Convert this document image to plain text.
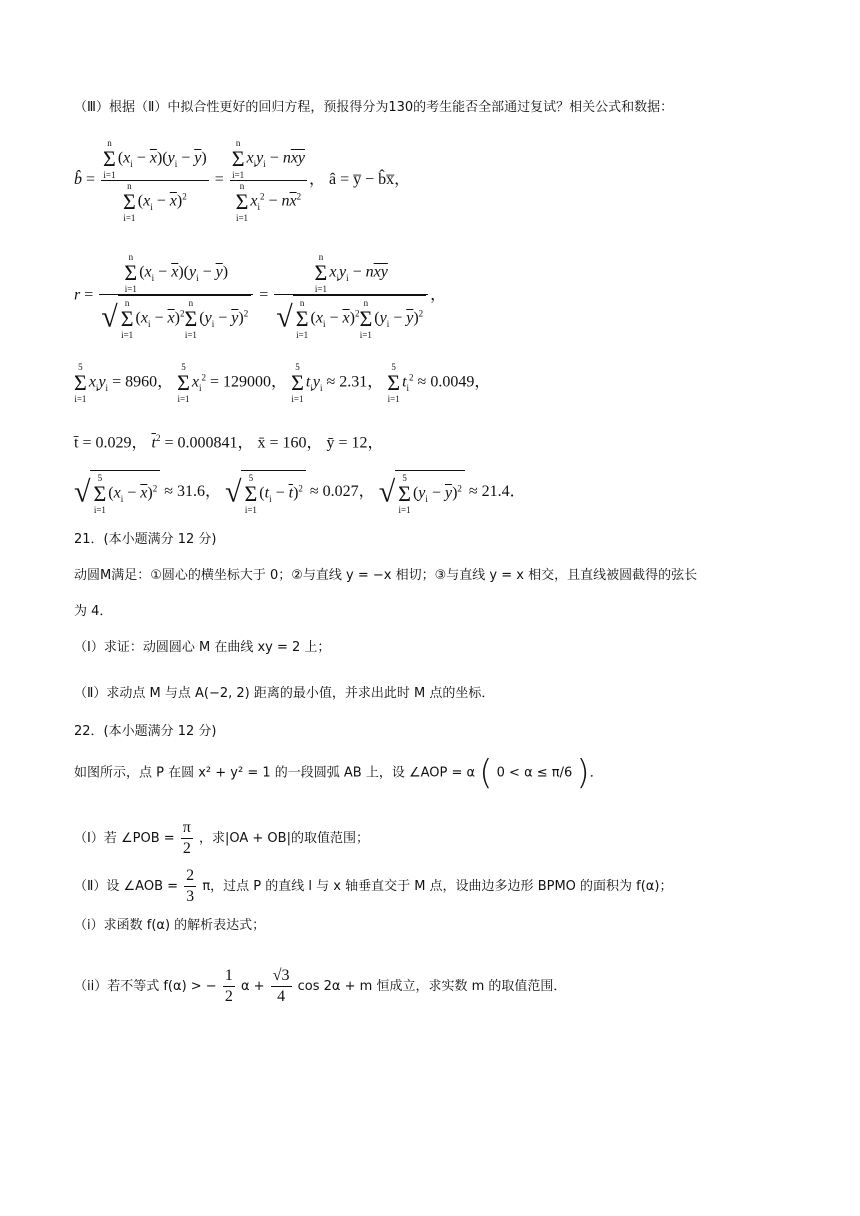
（Ⅲ）根据（Ⅱ）中拟合性更好的回归方程，预报得分为130的考生能否全部通过复试？相关公式和数据：
b̂ = n
Σ
$i=1(x_i - \overline{x})(y_i - \overline{y})$
n
Σ
$i=1(x_i - \overline{x})^2 = n$
Σ
$i=1x_iy_i - n\overline{xy}$
n
Σ
$i=1x_i^2 - n\overline{x}^2$ ， â = y̅ − b̂x̅，
r = n
Σ
$i=1(x_i - \overline{x})(y_i - \overline{y})$
√ n
Σ
$i=1(x_i - \overline{x})^2n$
Σ
$i=1(y_i - \overline{y})^2 = n$
Σ
$i=1x_iy_i - n\overline{xy}$
√ n
Σ
$i=1(x_i - \overline{x})^2n$
Σ
$i=1(y_i - \overline{y})^2$ ，
5
Σ
$i=1x_iy_i = 8960$， 5
Σ
$i=1x_i^2 = 129000$， 5
Σ
$i=1t_iy_i \approx 2.31$， 5
Σ
$i=1t_i^2 \approx 0.0049$，
t̄ = 0.029， $\overline{t}^2 = 0.000841$， x̄ = 160， ȳ = 12，
√ 5
Σ
$i=1(x_i - \overline{x})^2 \approx 31.6$， √ 5
Σ
$i=1(t_i - \overline{t})^2 \approx 0.027$， √ 5
Σ
$i=1(y_i - \overline{y})^2 \approx 21.4$．
21．(本小题满分 12 分)
动圆M满足：①圆心的横坐标大于 0；②与直线 y = −x 相切；③与直线 y = x 相交，且直线被圆截得的弦长
为 4．
（Ⅰ）求证：动圆圆心 M 在曲线 xy = 2 上；
（Ⅱ）求动点 M 与点 A(−2, 2) 距离的最小值，并求出此时 M 点的坐标．
22．(本小题满分 12 分)
如图所示，点 P 在圆 x² + y² = 1 的一段圆弧 AB 上，设 ∠AOP = α ( 0 < α ≤ π/6 )．
（Ⅰ）若 ∠POB = $\frac{\pi}{2}$ ，求|OA + OB|的取值范围；
（Ⅱ）设 ∠AOB = $\frac{2}{3}$ π，过点 P 的直线 l 与 x 轴垂直交于 M 点，设曲边多边形 BPMO 的面积为 f(α)；
（i）求函数 f(α) 的解析表达式；
（ii）若不等式 f(α) > − $\frac{1}{2}$ $\alpha + \frac{√3}{4}$ cos 2α + m 恒成立，求实数 m 的取值范围．
